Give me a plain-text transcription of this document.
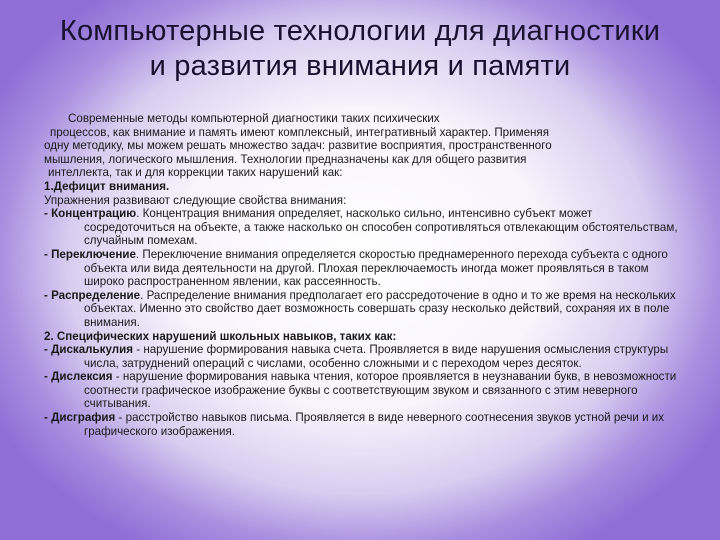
Компьютерные технологии для диагностики
и развития внимания и памяти

Современные методы компьютерной диагностики таких психических

процессов, как внимание и память имеют комплексный, интегративный характер. Применяя

одну методику, мы можем решать множество задач: развитие восприятия, пространственного

мышления, логического мышления. Технологии предназначены как для общего развития

интеллекта, так и для коррекции таких нарушений как:

1.Дефицит внимания.

Упражнения развивают следующие свойства внимания:

- Концентрацию. Концентрация внимания определяет, насколько сильно, интенсивно субъект может сосредоточиться на объекте, а также насколько он способен сопротивляться отвлекающим обстоятельствам, случайным помехам.

- Переключение. Переключение внимания определяется скоростью преднамеренного перехода субъекта с одного объекта или вида деятельности на другой. Плохая переключаемость иногда может проявляться в таком широко распространенном явлении, как рассеянность.

- Распределение. Распределение внимания предполагает его рассредоточение в одно и то же время на нескольких объектах. Именно это свойство дает возможность совершать сразу несколько действий, сохраняя их в поле внимания.

2. Специфических нарушений школьных навыков, таких как:

- Дискалькулия - нарушение формирования навыка счета. Проявляется в виде нарушения осмысления структуры числа, затруднений операций с числами, особенно сложными и с переходом через десяток.

- Дислексия - нарушение формирования навыка чтения, которое проявляется в неузнавании букв, в невозможности соотнести графическое изображение буквы с соответствующим звуком и связанного с этим неверного считывания.

- Дисграфия - расстройство навыков письма. Проявляется в виде неверного соотнесения звуков устной речи и их графического изображения.
